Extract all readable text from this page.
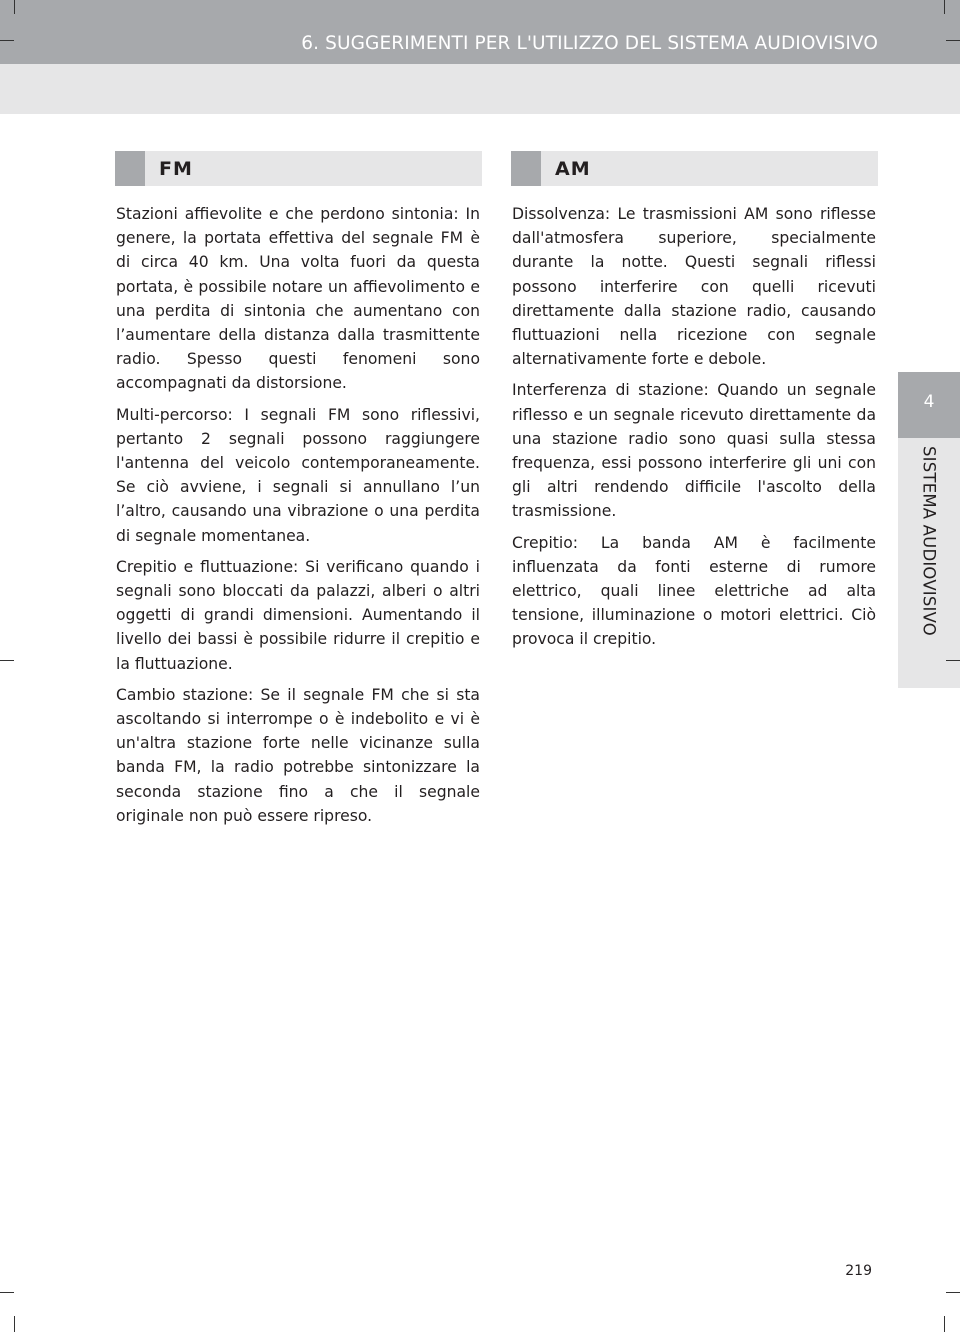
6. SUGGERIMENTI PER L'UTILIZZO DEL SISTEMA AUDIOVISIVO
4
SISTEMA AUDIOVISIVO
FM

Stazioni affievolite e che perdono sintonia: In genere, la portata effettiva del segnale FM è di circa 40 km. Una volta fuori da questa portata, è possibile notare un affievolimento e una perdita di sintonia che aumentano con l’aumentare della distanza dalla trasmittente radio. Spesso questi fenomeni sono accompagnati da distorsione.

Multi-percorso: I segnali FM sono riflessivi, pertanto 2 segnali possono raggiungere l'antenna del veicolo contemporaneamente. Se ciò avviene, i segnali si annullano l’un l’altro, causando una vibrazione o una perdita di segnale momentanea.

Crepitio e fluttuazione: Si verificano quando i segnali sono bloccati da palazzi, alberi o altri oggetti di grandi dimensioni. Aumentando il livello dei bassi è possibile ridurre il crepitio e la fluttuazione.

Cambio stazione: Se il segnale FM che si sta ascoltando si interrompe o è indebolito e vi è un'altra stazione forte nelle vicinanze sulla banda FM, la radio potrebbe sintonizzare la seconda stazione fino a che il segnale originale non può essere ripreso.

AM

Dissolvenza: Le trasmissioni AM sono riflesse dall'atmosfera superiore, specialmente durante la notte. Questi segnali riflessi possono interferire con quelli ricevuti direttamente dalla stazione radio, causando fluttuazioni nella ricezione con segnale alternativamente forte e debole.

Interferenza di stazione: Quando un segnale riflesso e un segnale ricevuto direttamente da una stazione radio sono quasi sulla stessa frequenza, essi possono interferire gli uni con gli altri rendendo difficile l'ascolto della trasmissione.

Crepitio: La banda AM è facilmente influenzata da fonti esterne di rumore elettrico, quali linee elettriche ad alta tensione, illuminazione o motori elettrici. Ciò provoca il crepitio.

219
